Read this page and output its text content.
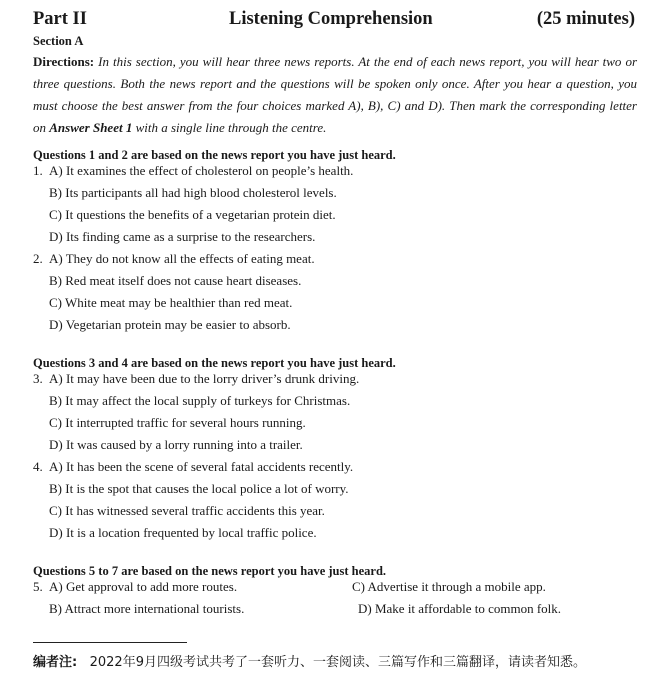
Part II	Listening Comprehension	(25 minutes)
Section A
Directions: In this section, you will hear three news reports. At the end of each news report, you will hear two or three questions. Both the news report and the questions will be spoken only once. After you hear a question, you must choose the best answer from the four choices marked A), B), C) and D). Then mark the corresponding letter on Answer Sheet 1 with a single line through the centre.
Questions 1 and 2 are based on the news report you have just heard.
1. A) It examines the effect of cholesterol on people’s health.
B) Its participants all had high blood cholesterol levels.
C) It questions the benefits of a vegetarian protein diet.
D) Its finding came as a surprise to the researchers.
2. A) They do not know all the effects of eating meat.
B) Red meat itself does not cause heart diseases.
C) White meat may be healthier than red meat.
D) Vegetarian protein may be easier to absorb.
Questions 3 and 4 are based on the news report you have just heard.
3. A) It may have been due to the lorry driver’s drunk driving.
B) It may affect the local supply of turkeys for Christmas.
C) It interrupted traffic for several hours running.
D) It was caused by a lorry running into a trailer.
4. A) It has been the scene of several fatal accidents recently.
B) It is the spot that causes the local police a lot of worry.
C) It has witnessed several traffic accidents this year.
D) It is a location frequented by local traffic police.
Questions 5 to 7 are based on the news report you have just heard.
5. A) Get approval to add more routes.
B) Attract more international tourists.
C) Advertise it through a mobile app.
D) Make it affordable to common folk.
编者注: 2022年9月四级考试共考了一套听力、一套阅读、三篇写作和三篇翻译，请读者知悉。
